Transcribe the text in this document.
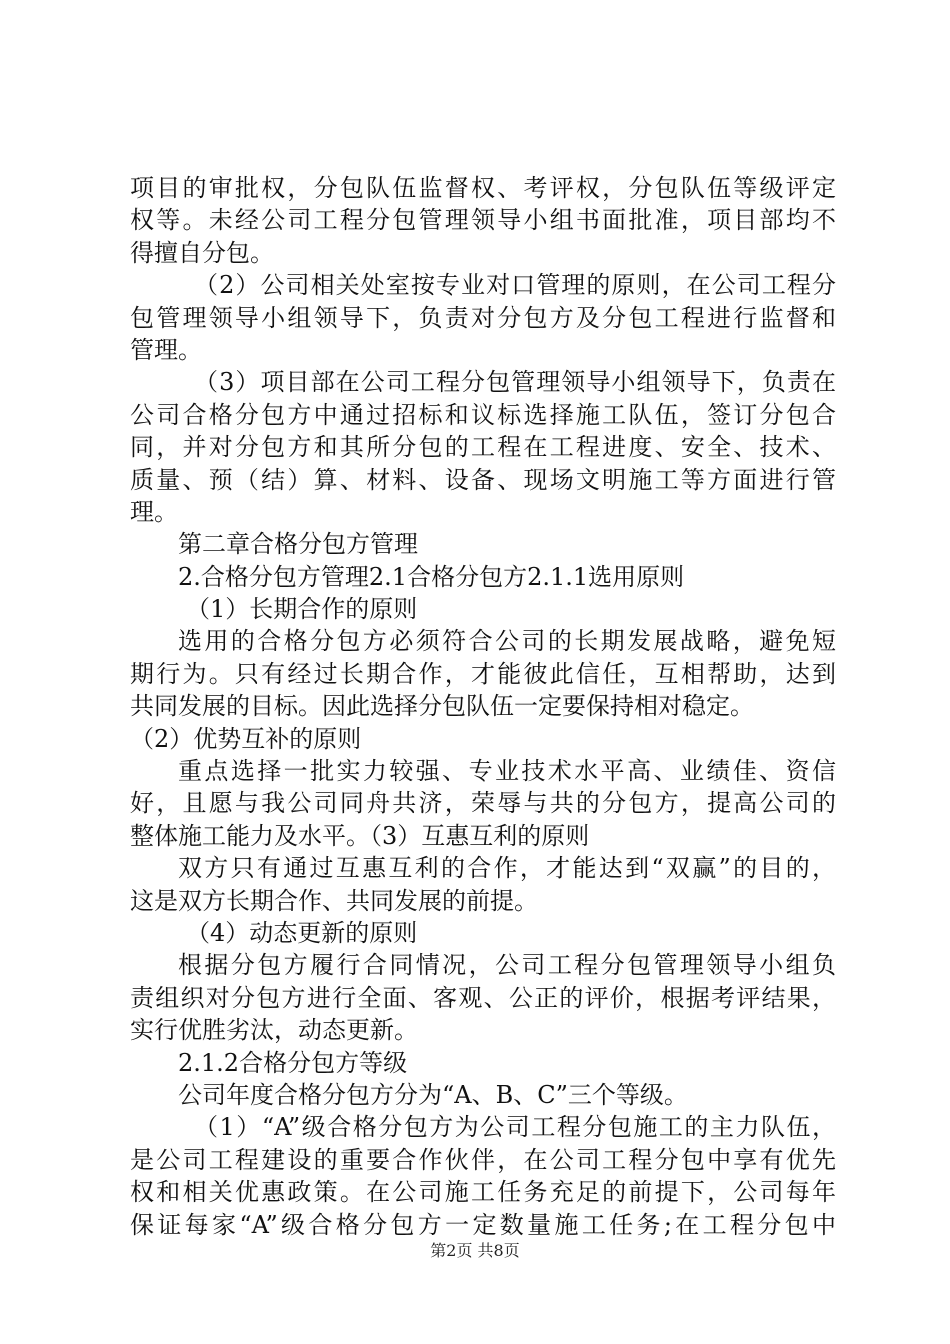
项目的审批权，分包队伍监督权、考评权，分包队伍等级评定
权等。未经公司工程分包管理领导小组书面批准，项目部均不
得擅自分包。
（2）公司相关处室按专业对口管理的原则，在公司工程分
包管理领导小组领导下，负责对分包方及分包工程进行监督和
管理。
（3）项目部在公司工程分包管理领导小组领导下，负责在
公司合格分包方中通过招标和议标选择施工队伍，签订分包合
同，并对分包方和其所分包的工程在工程进度、安全、技术、
质量、预（结）算、材料、设备、现场文明施工等方面进行管
理。
第二章合格分包方管理
2.合格分包方管理2.1合格分包方2.1.1选用原则
（1）长期合作的原则
选用的合格分包方必须符合公司的长期发展战略，避免短
期行为。只有经过长期合作，才能彼此信任，互相帮助，达到
共同发展的目标。因此选择分包队伍一定要保持相对稳定。
（2）优势互补的原则
重点选择一批实力较强、专业技术水平高、业绩佳、资信
好，且愿与我公司同舟共济，荣辱与共的分包方，提高公司的
整体施工能力及水平。（3）互惠互利的原则
双方只有通过互惠互利的合作，才能达到“双赢”的目的，
这是双方长期合作、共同发展的前提。
（4）动态更新的原则
根据分包方履行合同情况，公司工程分包管理领导小组负
责组织对分包方进行全面、客观、公正的评价，根据考评结果，
实行优胜劣汰，动态更新。
2.1.2合格分包方等级
公司年度合格分包方分为“A、B、C”三个等级。
（1）“A”级合格分包方为公司工程分包施工的主力队伍，
是公司工程建设的重要合作伙伴，在公司工程分包中享有优先
权和相关优惠政策。在公司施工任务充足的前提下，公司每年
保证每家“A”级合格分包方一定数量施工任务;在工程分包中
第2页 共8页
